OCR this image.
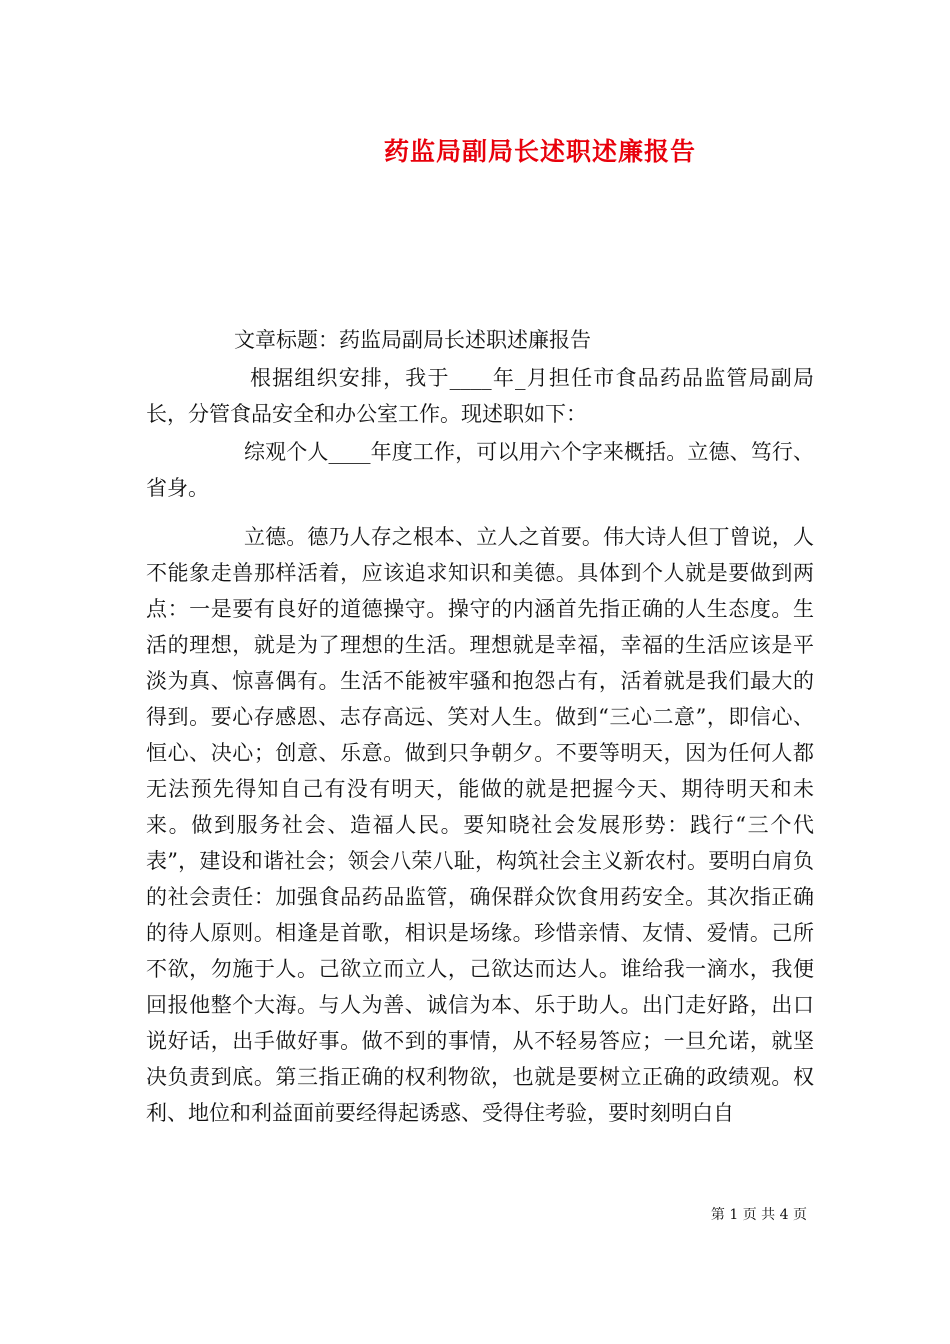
药监局副局长述职述廉报告

文章标题：药监局副局长述职述廉报告

根据组织安排，我于____年_月担任市食品药品监管局副局长，分管食品安全和办公室工作。现述职如下：

综观个人____年度工作，可以用六个字来概括。立德、笃行、省身。

立德。德乃人存之根本、立人之首要。伟大诗人但丁曾说，人不能象走兽那样活着，应该追求知识和美德。具体到个人就是要做到两点：一是要有良好的道德操守。操守的内涵首先指正确的人生态度。生活的理想，就是为了理想的生活。理想就是幸福，幸福的生活应该是平淡为真、惊喜偶有。生活不能被牢骚和抱怨占有，活着就是我们最大的得到。要心存感恩、志存高远、笑对人生。做到“三心二意”，即信心、恒心、决心；创意、乐意。做到只争朝夕。不要等明天，因为任何人都无法预先得知自己有没有明天，能做的就是把握今天、期待明天和未来。做到服务社会、造福人民。要知晓社会发展形势：践行“三个代表”，建设和谐社会；领会八荣八耻，构筑社会主义新农村。要明白肩负的社会责任：加强食品药品监管，确保群众饮食用药安全。其次指正确的待人原则。相逢是首歌，相识是场缘。珍惜亲情、友情、爱情。己所不欲，勿施于人。己欲立而立人，己欲达而达人。谁给我一滴水，我便回报他整个大海。与人为善、诚信为本、乐于助人。出门走好路，出口说好话，出手做好事。做不到的事情，从不轻易答应；一旦允诺，就坚决负责到底。第三指正确的权利物欲，也就是要树立正确的政绩观。权利、地位和利益面前要经得起诱惑、受得住考验，要时刻明白自

第 1 页 共 4 页
